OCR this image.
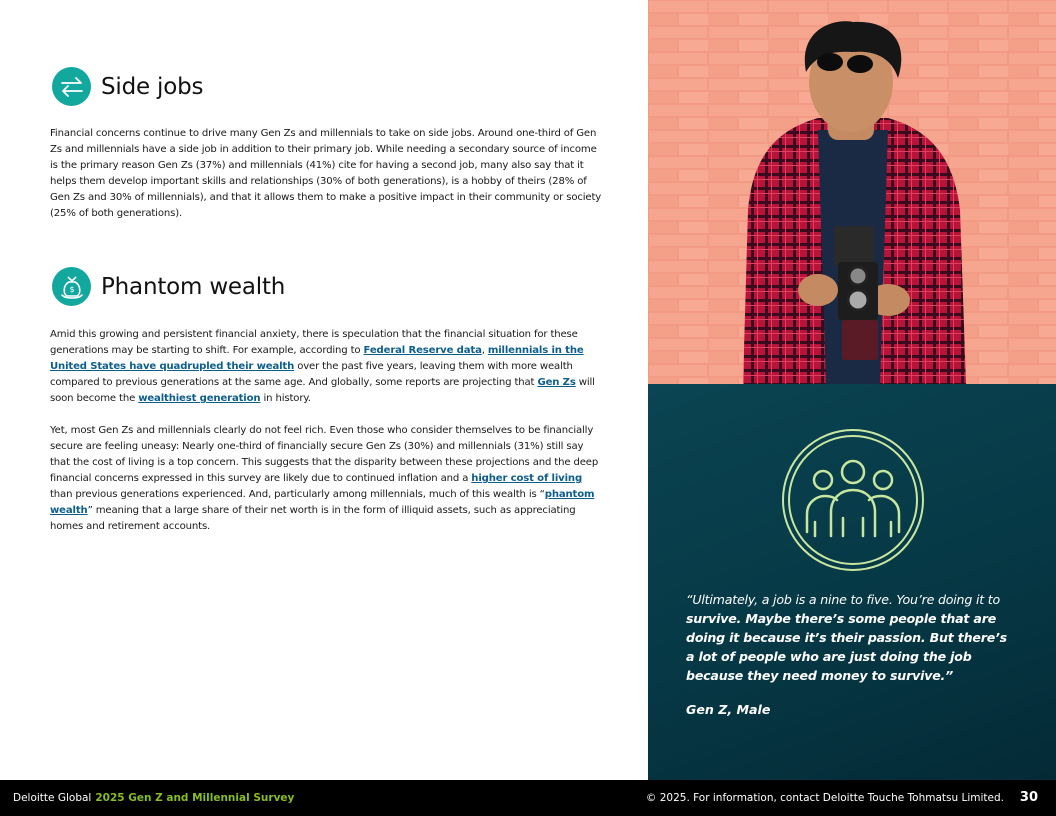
Side jobs

Financial concerns continue to drive many Gen Zs and millennials to take on side jobs. Around one-third of Gen Zs and millennials have a side job in addition to their primary job. While needing a secondary source of income is the primary reason Gen Zs (37%) and millennials (41%) cite for having a second job, many also say that it helps them develop important skills and relationships (30% of both generations), is a hobby of theirs (28% of Gen Zs and 30% of millennials), and that it allows them to make a positive impact in their community or society (25% of both generations).

$ Phantom wealth

Amid this growing and persistent financial anxiety, there is speculation that the financial situation for these generations may be starting to shift. For example, according to Federal Reserve data, millennials in the United States have quadrupled their wealth over the past five years, leaving them with more wealth compared to previous generations at the same age. And globally, some reports are projecting that Gen Zs will soon become the wealthiest generation in history.

Yet, most Gen Zs and millennials clearly do not feel rich. Even those who consider themselves to be financially secure are feeling uneasy: Nearly one-third of financially secure Gen Zs (30%) and millennials (31%) still say that the cost of living is a top concern. This suggests that the disparity between these projections and the deep financial concerns expressed in this survey are likely due to continued inflation and a higher cost of living than previous generations experienced. And, particularly among millennials, much of this wealth is “phantom wealth” meaning that a large share of their net worth is in the form of illiquid assets, such as appreciating homes and retirement accounts.

“Ultimately, a job is a nine to five. You’re doing it to survive. Maybe there’s some people that are doing it because it’s their passion. But there’s a lot of people who are just doing the job because they need money to survive.”

Gen Z, Male

Deloitte Global 2025 Gen Z and Millennial Survey	© 2025. For information, contact Deloitte Touche Tohmatsu Limited. 30
